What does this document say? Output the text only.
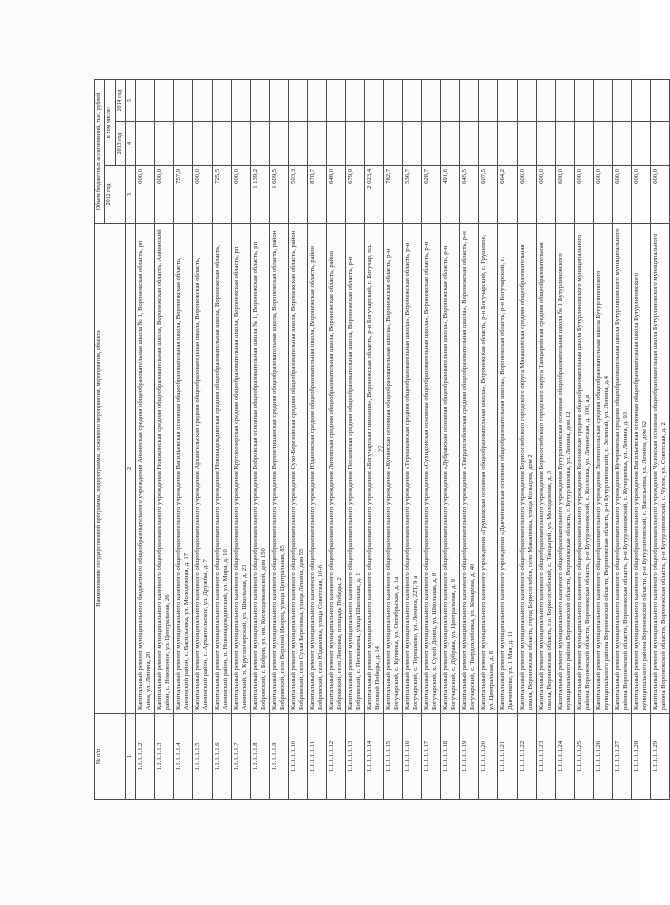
27
№ п/п	Наименование государственной программы, подпрограммы, основного мероприятия, мероприятия, объекта	Объем бюджетных ассигнований, тыс. рублей		
		2012 год	в том числе:	
			2013 год	2014 год
1	2	3	4	5
1.1.1.1.1.2	Капитальный ремонт муниципального бюджетного общеобразовательного учреждения Аннинская средняя общеобразовательная школа № 1, Воронежская область, рп Анна, ул. Ленина, 20	600,0		
1.1.1.1.1.3	Капитальный ремонт муниципального казенного общеобразовательного учреждения Новоконская средняя общеобразовательная школа, Воронежская область, Аннинский район, с. Новоконое, ул. Центральная, 26	600,0		
1.1.1.1.1.4	Капитальный ремонт муниципального казенного общеобразовательного учреждения Васильевская основная общеобразовательная школа, Воронежская область, Аннинский район, с. Васильевка, ул. Молодежная, д. 17	757,9		
1.1.1.1.1.5	Капитальный ремонт муниципального казенного общеобразовательного учреждения Архангельская средняя общеобразовательная школа, Воронежская область, Аннинский район, с. Архангельское, ул. Дружбы, д. 7	600,0		
1.1.1.1.1.6	Капитальный ремонт муниципального казенного общеобразовательного учреждения Новонадеждинская средняя общеобразовательная школа, Воронежская область, Аннинский район, п. Новонадеждинский, ул. Мира, д. 10	725,5		
1.1.1.1.1.7	Капитальный ремонт муниципального казенного общеобразовательного учреждения Круглоозерская средняя общеобразовательная школа, Воронежская область, рп Аннинский, п. Круглоозерский, ул. Школьная, д. 23	600,0		
1.1.1.1.1.8	Капитальный ремонт муниципального казенного общеобразовательного учреждения Бобровская основная общеобразовательная школа № 1, Воронежская область, рп Бобровский, г. Бобров, ул. им. Космодемьянской, дом 150	1 139,2		
1.1.1.1.1.9	Капитальный ремонт муниципального казенного общеобразовательного учреждения Верхнетишанская средняя общеобразовательная школа, Воронежская область, район Бобровский, село Верхний Икорец, улица Центральная, 85	1 609,5		
1.1.1.1.1.10	Капитальный ремонт муниципального казенного общеобразовательного учреждения Сухо-Березовская средняя общеобразовательная школа, Воронежская область, район Бобровский, село Сухая Березовка, улица Ленина, дом 55	503,3		
1.1.1.1.1.11	Капитальный ремонт муниципального казенного общеобразовательного учреждения Юдановская средняя общеобразовательная школа, Воронежская область, район Бобровский, село Юдановка, улица Советская, 10-б	870,7		
1.1.1.1.1.12	Капитальный ремонт муниципального казенного общеобразовательного учреждения Липовская средняя общеобразовательная школа, Воронежская область, район Бобровский, село Липовка, площадь Победы, 2	648,0		
1.1.1.1.1.13	Капитальный ремонт муниципального казенного общеобразовательного учреждения Песковская средняя общеобразовательная школа, Воронежская область, р-н Бобровский, с. Песковатка, улица Школьная, д. 1	679,9		
1.1.1.1.1.14	Капитальный ремонт муниципального казенного общеобразовательного учреждения «Богучарская гимназия», Воронежская область, р-н Богучарский, г. Богучар, пл. Великой Победы, д. 14	2 023,4		
1.1.1.1.1.15	Капитальный ремонт муниципального казенного общеобразовательного учреждения «Купянская основная общеобразовательная школа», Воронежская область, р-н Богучарский, с. Купянка, ул. Октябрьская, д. 1а	782,7		
1.1.1.1.1.16	Капитальный ремонт муниципального казенного общеобразовательного учреждения «Терешковская средняя общеобразовательная школа», Воронежская область, р-н Богучарский, с. Терешково, ул. Ленина, 22Т, 9 а	536,7		
1.1.1.1.1.17	Капитальный ремонт муниципального казенного общеобразовательного учреждения «Сухидонская основная общеобразовательная школа», Воронежская область, р-н Богучарский, х. Сухой Донец, ул. Школьная, д. 8	628,7		
1.1.1.1.1.18	Капитальный ремонт муниципального казенного общеобразовательного учреждения «Дубравская основная общеобразовательная школа», Воронежская область, р-н Богучарский, с. Дубрава, ул. Центральная, д. 9	491,6		
1.1.1.1.1.19	Капитальный ремонт муниципального казенного общеобразовательного учреждения «Твердохлебовская средняя общеобразовательная школа», Воронежская область, р-н Богучарский, с. Твердохлебовка, ул. Комарова, д. 40	645,5		
1.1.1.1.1.20	Капитальный ремонт муниципального казенного учреждения «Грушевская основная общеобразовательная школа», Воронежская область, р-н Богучарский, с. Грушевое, ул. Центральная, д. 8	607,5		
1.1.1.1.1.21	Капитальный ремонт муниципального казенного учреждения «Дьяченковская основная общеобразовательная школа», Воронежская область, р-н Богучарский, с. Дьяченково, ул. 1 Мая, д. 11	664,2		
1.1.1.1.1.22	Капитальный ремонт муниципального казенного общеобразовательного учреждения Борисоглебского городского округа Макашевская средняя общеобразовательная школа, Воронежская область, город Борисоглебск, село Макашевка, улица Кольцова, дом 2	600,0		
1.1.1.1.1.23	Капитальный ремонт муниципального казенного общеобразовательного учреждения Борисоглебского городского округа Танцырейская средняя общеобразовательная школа, Воронежская область, г.о. Борисоглебский, с. Танцырей, ул. Молодежная, д. 3	600,0		
1.1.1.1.1.24	Капитальный ремонт муниципального казенного общеобразовательного учреждения Бутурлиновская основная общеобразовательная школа № 1 Бутурлиновского муниципального района Воронежской области, Воронежская область, г. Бутурлиновка, ул. Ленина, дом 12	600,0		
1.1.1.1.1.25	Капитальный ремонт муниципального казенного общеобразовательного учреждения Козловская средняя общеобразовательная школа Бутурлиновского муниципального района Воронежской области, Воронежская область, р-н Бутурлиновский, с. Козловка, ул. Ленинская, д. 100, а,в	600,0		
1.1.1.1.1.26	Капитальный ремонт муниципального казенного общеобразовательного учреждения Зеленопольская средняя общеобразовательная школа Бутурлиновского муниципального района Воронежской области, Воронежская область, р-н Бутурлиновский, с. Зеленый, ул. Ленина, д.4	600,0		
1.1.1.1.1.27	Капитальный ремонт муниципального казенного общеобразовательного учреждения Кучеряевская средняя общеобразовательная школа Бутурлиновского муниципального района Воронежской области, Воронежская область, р-н Бутурлиновский, с. Кучеряевка, ул. Ленина, д. 93	600,0		
1.1.1.1.1.28	Капитальный ремонт муниципального казенного общеобразовательного учреждения Васильевская основная общеобразовательная школа Бутурлиновского муниципального района Воронежской области, р-н Бутурлиновский, с. Васильевка, ул. Ленина, дом 62	600,0		
1.1.1.1.1.29	Капитальный ремонт муниципального казенного общеобразовательного учреждения Чулокская основная общеобразовательная школа Бутурлиновского муниципального района Воронежской области, Воронежская область, р-н Бутурлиновский, с. Чулок, ул. Советская, д. 2	600,0		
